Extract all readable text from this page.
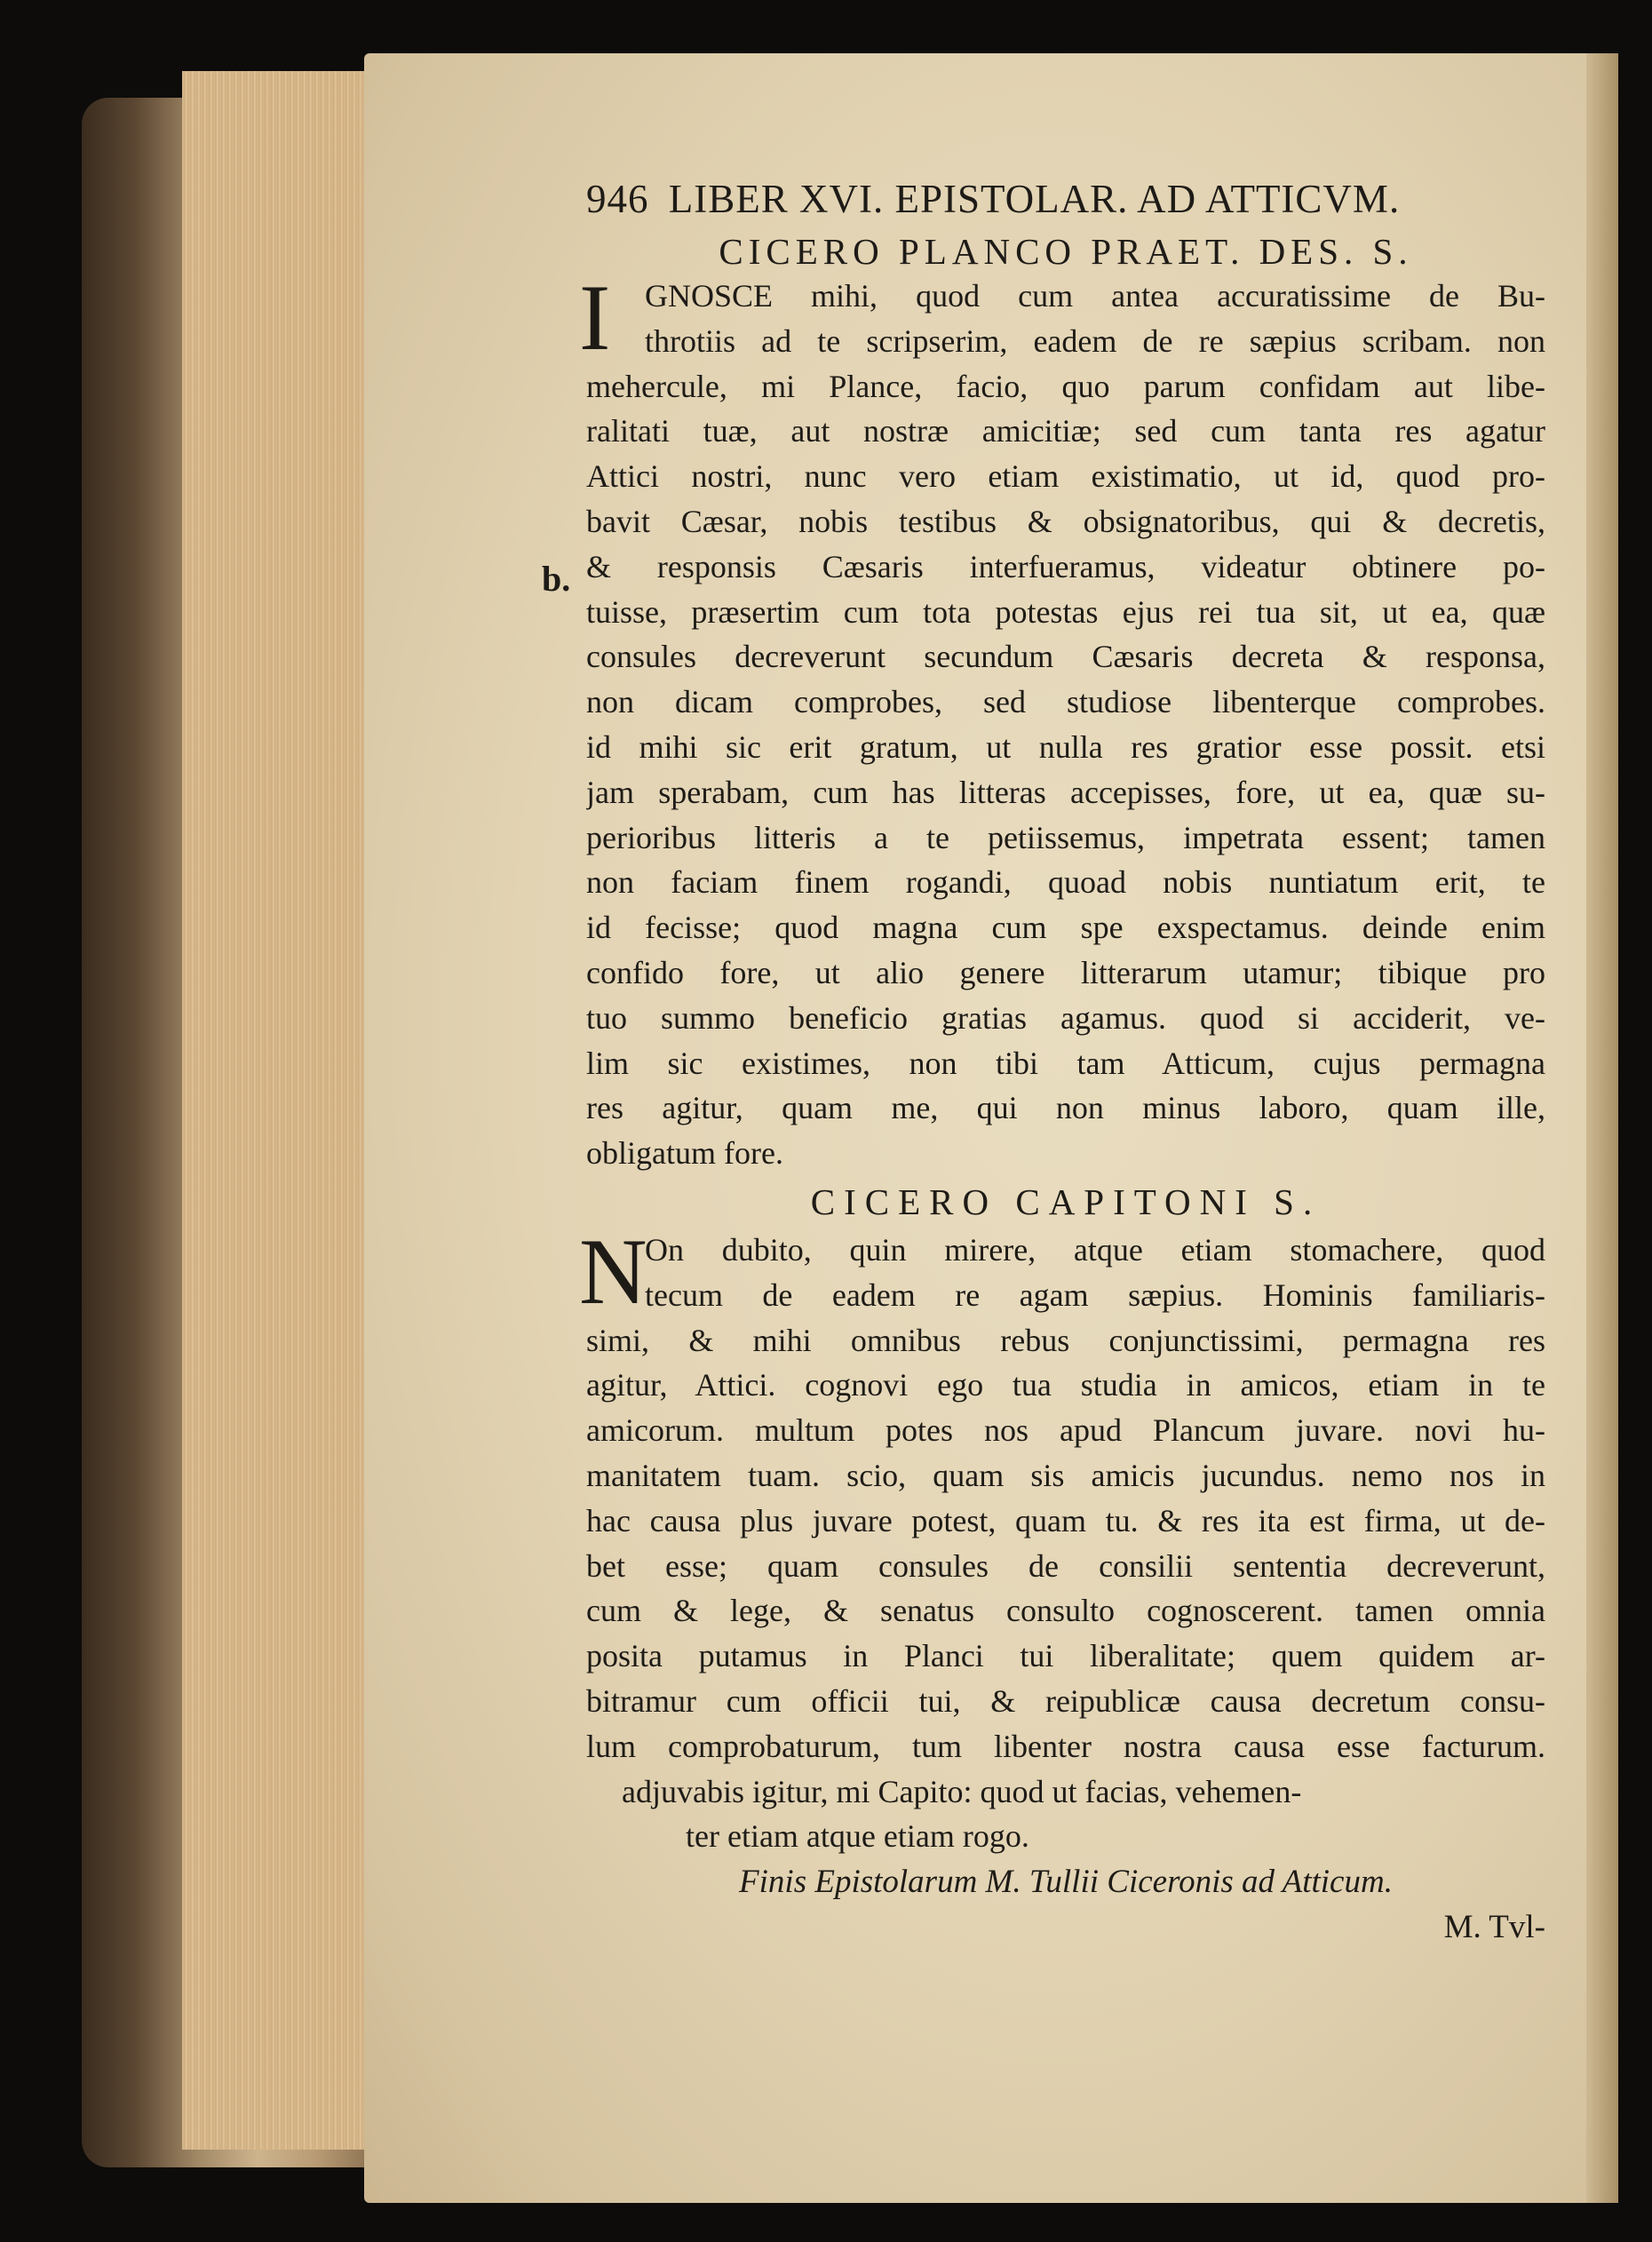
b.
946 LIBER XVI. EPISTOLAR. AD ATTICVM.
CICERO PLANCO PRAET. DES. S.
I	GNOSCE mihi, quod cum antea accuratissime de Bu-
throtiis ad te scripserim, eadem de re sæpius scribam. non
mehercule, mi Plance, facio, quo parum confidam aut libe-
ralitati tuæ, aut nostræ amicitiæ; sed cum tanta res agatur
Attici nostri, nunc vero etiam existimatio, ut id, quod pro-
bavit Cæsar, nobis testibus & obsignatoribus, qui & decretis,
& responsis Cæsaris interfueramus, videatur obtinere po-
tuisse, præsertim cum tota potestas ejus rei tua sit, ut ea, quæ
consules decreverunt secundum Cæsaris decreta & responsa,
non dicam comprobes, sed studiose libenterque comprobes.
id mihi sic erit gratum, ut nulla res gratior esse possit. etsi
jam sperabam, cum has litteras accepisses, fore, ut ea, quæ su-
perioribus litteris a te petiissemus, impetrata essent; tamen
non faciam finem rogandi, quoad nobis nuntiatum erit, te
id fecisse; quod magna cum spe exspectamus. deinde enim
confido fore, ut alio genere litterarum utamur; tibique pro
tuo summo beneficio gratias agamus. quod si acciderit, ve-
lim sic existimes, non tibi tam Atticum, cujus permagna
res agitur, quam me, qui non minus laboro, quam ille,
obligatum fore.
CICERO CAPITONI S.
N
On dubito, quin mirere, atque etiam stomachere, quod
tecum de eadem re agam sæpius. Hominis familiaris-
simi, & mihi omnibus rebus conjunctissimi, permagna res
agitur, Attici. cognovi ego tua studia in amicos, etiam in te
amicorum. multum potes nos apud Plancum juvare. novi hu-
manitatem tuam. scio, quam sis amicis jucundus. nemo nos in
hac causa plus juvare potest, quam tu. & res ita est firma, ut de-
bet esse; quam consules de consilii sententia decreverunt,
cum & lege, & senatus consulto cognoscerent. tamen omnia
posita putamus in Planci tui liberalitate; quem quidem ar-
bitramur cum officii tui, & reipublicæ causa decretum consu-
lum comprobaturum, tum libenter nostra causa esse facturum.
adjuvabis igitur, mi Capito: quod ut facias, vehemen-
ter etiam atque etiam rogo.
Finis Epistolarum M. Tullii Ciceronis ad Atticum.
M. Tvl-
